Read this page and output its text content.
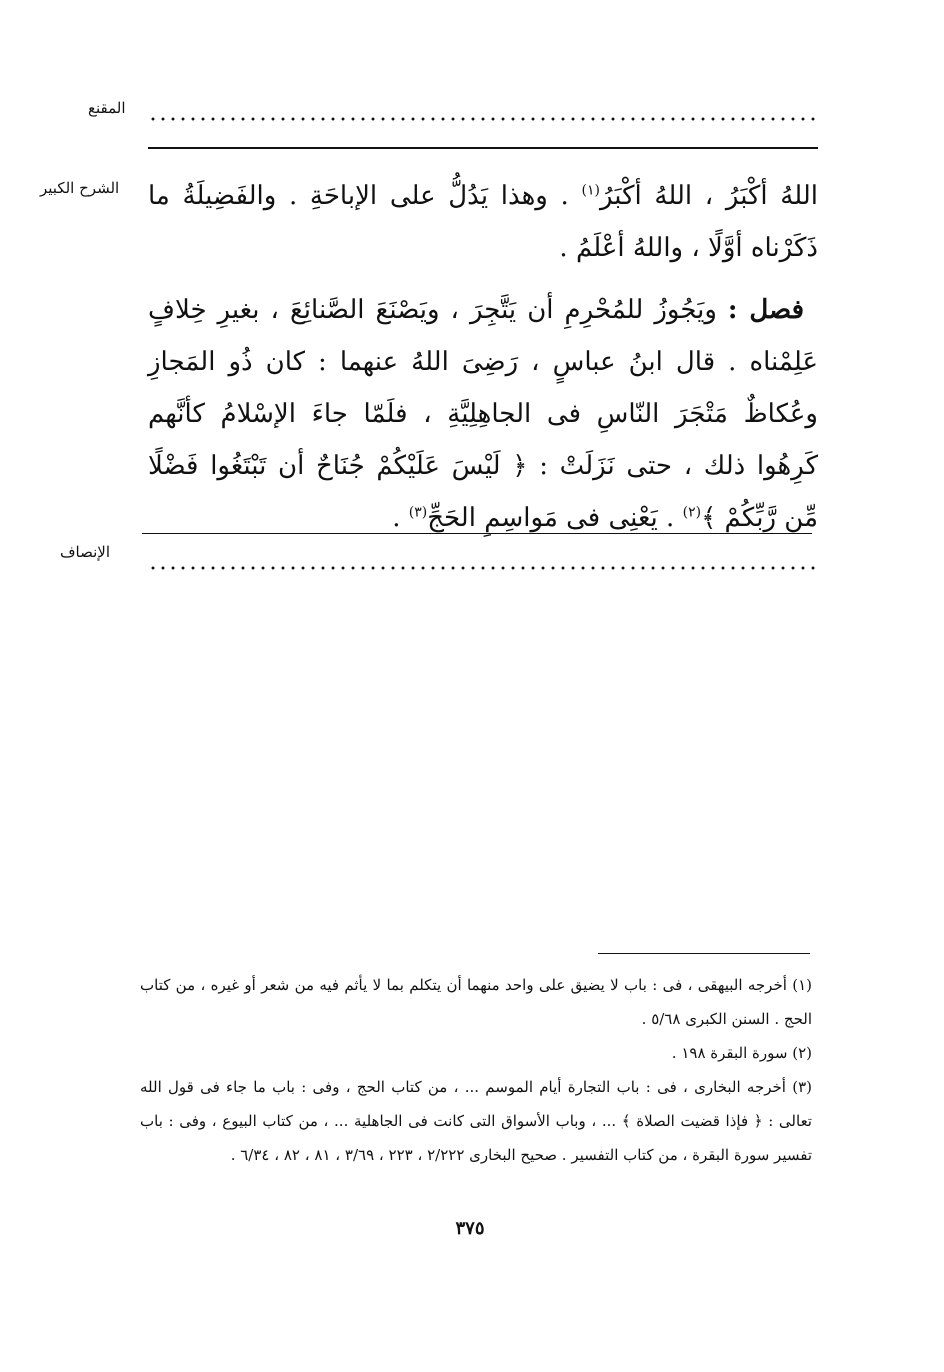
المقنع
الشرح الكبير	اللهُ أكْبَرُ ، اللهُ أكْبَرُ$^{(١)}$ . وهذا يَدُلُّ على الإباحَةِ . والفَضِيلَةُ ما ذَكَرْناه أوَّلًا ، واللهُ أعْلَمُ .

فصل : ويَجُوزُ للمُحْرِمِ أن يَتَّجِرَ ، ويَصْنَعَ الصَّنائِعَ ، بغيرِ خِلافٍ عَلِمْناه . قال ابنُ عباسٍ ، رَضِىَ اللهُ عنهما : كان ذُو المَجازِ وعُكاظٌ مَتْجَرَ النّاسِ فى الجاهِلِيَّةِ ، فلَمّا جاءَ الإسْلامُ كأنَّهم كَرِهُوا ذلك ، حتى نَزَلَتْ : ﴿ لَيْسَ عَلَيْكُمْ جُنَاحٌ أن تَبْتَغُوا فَضْلًا مِّن رَّبِّكُمْ ﴾$^{(٢)}$ . يَعْنِى فى مَواسِمِ الحَجِّ$^{(٣)}$ .

الإنصاف

(١) أخرجه البيهقى ، فى : باب لا يضيق على واحد منهما أن يتكلم بما لا يأثم فيه من شعر أو غيره ، من كتاب الحج . السنن الكبرى ٥/٦٨ .

(٢) سورة البقرة ١٩٨ .

(٣) أخرجه البخارى ، فى : باب التجارة أيام الموسم ... ، من كتاب الحج ، وفى : باب ما جاء فى قول الله تعالى : ﴿ فإذا قضيت الصلاة ﴾ ... ، وباب الأسواق التى كانت فى الجاهلية ... ، من كتاب البيوع ، وفى : باب تفسير سورة البقرة ، من كتاب التفسير . صحيح البخارى ٢/٢٢٢ ، ٢٢٣ ، ٣/٦٩ ، ٨١ ، ٨٢ ، ٦/٣٤ .

٣٧٥
